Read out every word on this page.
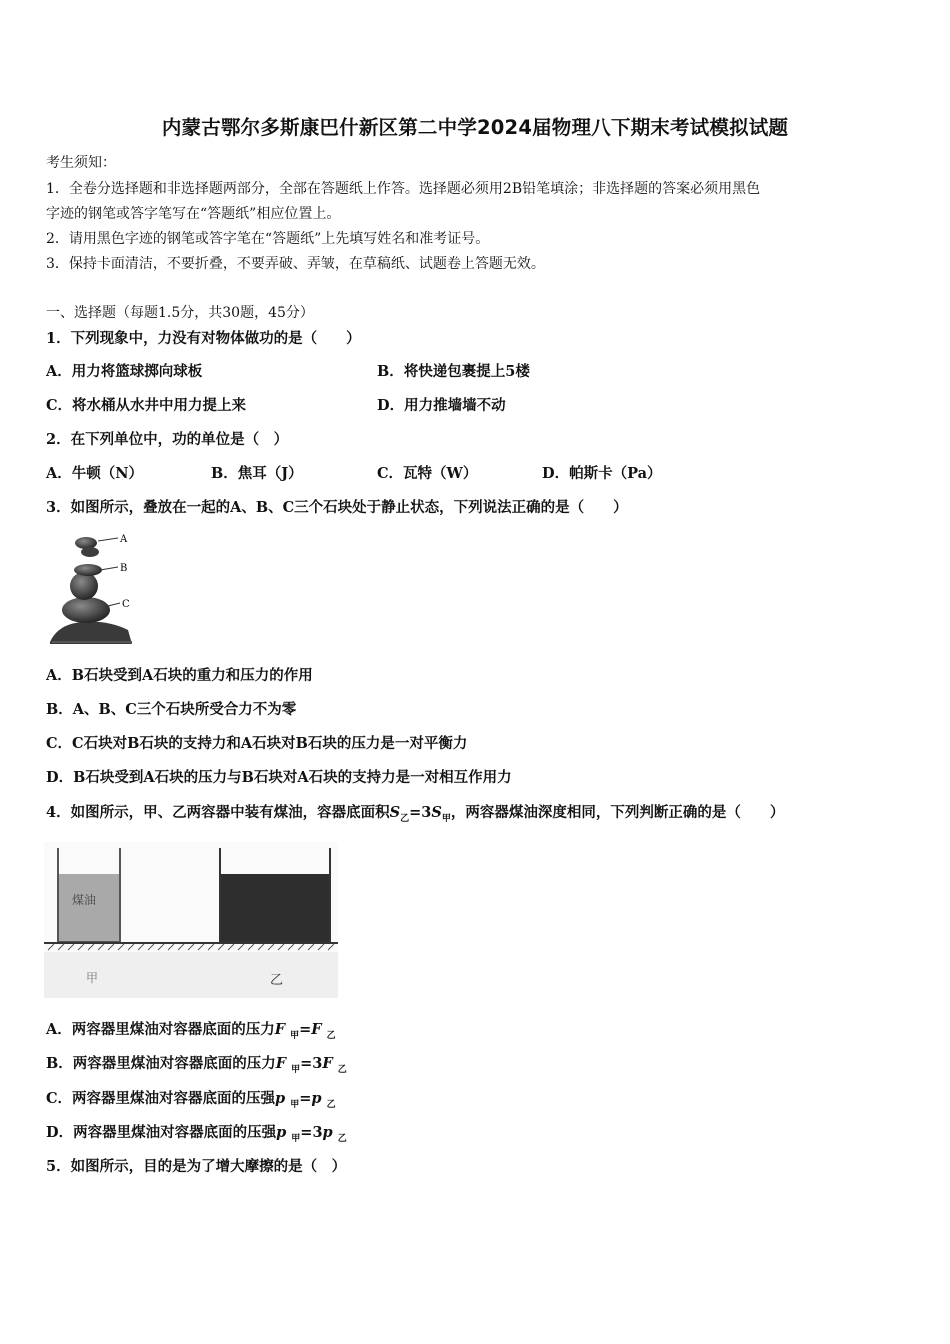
内蒙古鄂尔多斯康巴什新区第二中学2024届物理八下期末考试模拟试题
考生须知：
1．全卷分选择题和非选择题两部分，全部在答题纸上作答。选择题必须用2B铅笔填涂；非选择题的答案必须用黑色
字迹的钢笔或答字笔写在“答题纸”相应位置上。
2．请用黑色字迹的钢笔或答字笔在“答题纸”上先填写姓名和准考证号。
3．保持卡面清洁，不要折叠，不要弄破、弄皱，在草稿纸、试题卷上答题无效。
一、选择题（每题1.5分，共30题，45分）
1．下列现象中，力没有对物体做功的是（　　）
A．用力将篮球掷向球板	B．将快递包裹提上5楼
C．将水桶从水井中用力提上来	D．用力推墙墙不动
2．在下列单位中，功的单位是（　）
A．牛顿（N）	B．焦耳（J）	C．瓦特（W）	D．帕斯卡（Pa）
3．如图所示，叠放在一起的A、B、C三个石块处于静止状态，下列说法正确的是（　　）
A
B
C
A．B石块受到A石块的重力和压力的作用
B．A、B、C三个石块所受合力不为零
C．C石块对B石块的支持力和A石块对B石块的压力是一对平衡力
D．B石块受到A石块的压力与B石块对A石块的支持力是一对相互作用力
4．如图所示，甲、乙两容器中装有煤油，容器底面积$S_乙=3S_甲$，两容器煤油深度相同，下列判断正确的是（　　）
煤油
甲	乙
A．两容器里煤油对容器底面的压力F $_甲$=F $_乙$
B．两容器里煤油对容器底面的压力F $_甲$=3F $_乙$
C．两容器里煤油对容器底面的压强p $_甲$=p $_乙$
D．两容器里煤油对容器底面的压强p $_甲$=3p $_乙$
5．如图所示，目的是为了增大摩擦的是（　）
